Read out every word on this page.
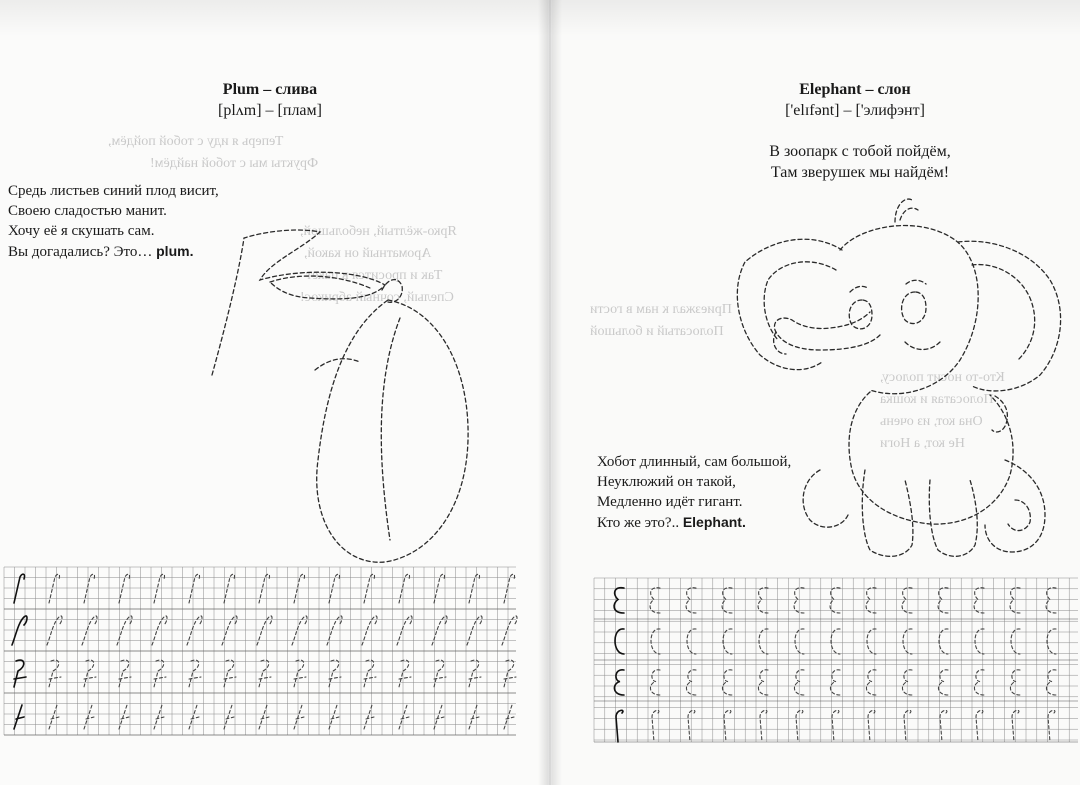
Теперь я иду с тобой пойдём,
Фрукты мы с тобой найдём!
Ярко-жёлтый, небольшой,
Ароматный он какой,
Так и просится в пакет
Спелый, сочный абрикос!
Приезжал к нам в гости
Полосатый и большой
Кто-то носит полосу,
Полосатая и кошка
Она кот, из очень
Не кот, а Ноги
Plum – слива
[plʌm] – [плам]
Средь листьев синий плод висит,
Своею сладостью манит.
Хочу её я скушать сам.
Вы догадались? Это… plum.
Elephant – слон
['elɪfənt] – ['элифэнт]
В зоопарк с тобой пойдём,
Там зверушек мы найдём!
Хобот длинный, сам большой,
Неуклюжий он такой,
Медленно идёт гигант.
Кто же это?.. Elephant.
